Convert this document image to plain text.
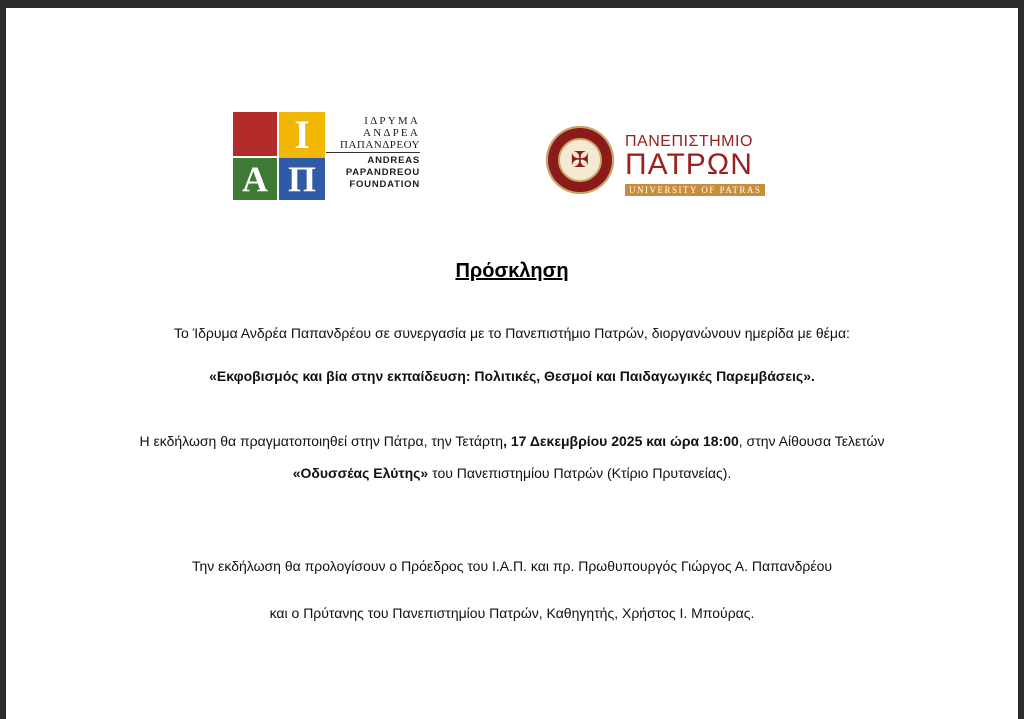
Ι
Α Π
ΙΔΡΥΜΑ
ΑΝΔΡΕΑ
ΠΑΠΑΝΔΡΕΟΥ
ANDREAS
PAPANDREOU
FOUNDATION
✠
ΠΑΝΕΠΙΣΤΗΜΙΟ
ΠΑΤΡΩΝ
UNIVERSITY OF PATRAS
Πρόσκληση
Το Ίδρυμα Ανδρέα Παπανδρέου σε συνεργασία με το Πανεπιστήμιο Πατρών, διοργανώνουν ημερίδα με θέμα:
«Εκφοβισμός και βία στην εκπαίδευση: Πολιτικές, Θεσμοί και Παιδαγωγικές Παρεμβάσεις».
Η εκδήλωση θα πραγματοποιηθεί στην Πάτρα, την Τετάρτη, 17 Δεκεμβρίου 2025 και ώρα 18:00, στην Αίθουσα Τελετών
«Οδυσσέας Ελύτης» του Πανεπιστημίου Πατρών (Κτίριο Πρυτανείας).
Την εκδήλωση θα προλογίσουν ο Πρόεδρος του Ι.Α.Π. και πρ. Πρωθυπουργός Γιώργος Α. Παπανδρέου
και ο Πρύτανης του Πανεπιστημίου Πατρών, Καθηγητής, Χρήστος Ι. Μπούρας.
